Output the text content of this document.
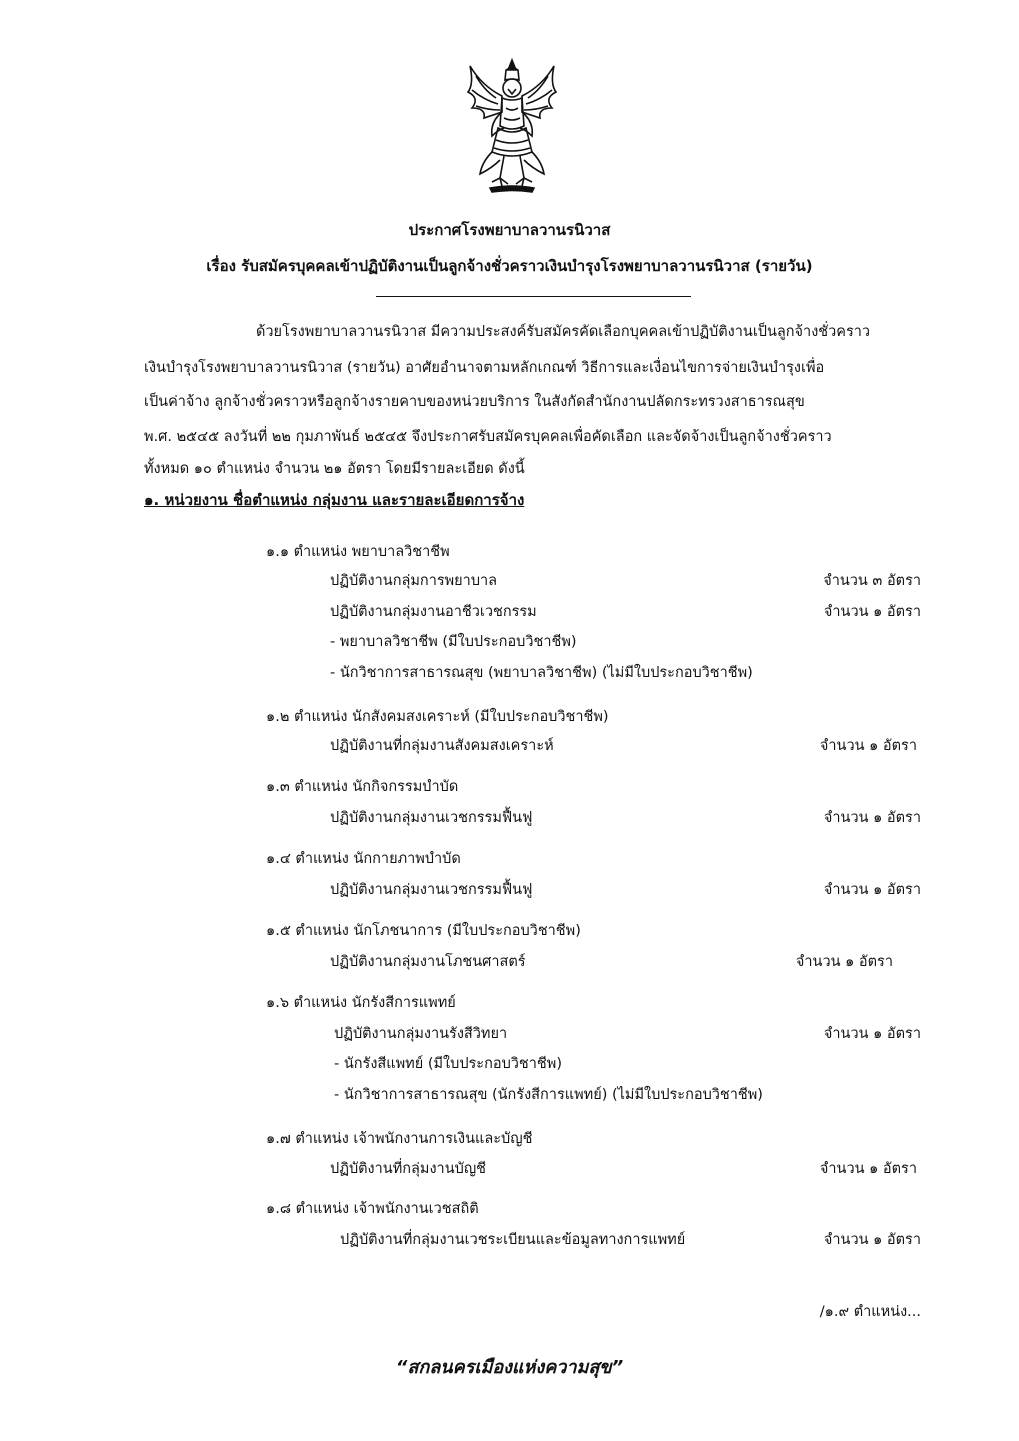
ประกาศโรงพยาบาลวานรนิวาส
เรื่อง รับสมัครบุคคลเข้าปฏิบัติงานเป็นลูกจ้างชั่วคราวเงินบำรุงโรงพยาบาลวานรนิวาส (รายวัน)
ด้วยโรงพยาบาลวานรนิวาส มีความประสงค์รับสมัครคัดเลือกบุคคลเข้าปฏิบัติงานเป็นลูกจ้างชั่วคราว
เงินบำรุงโรงพยาบาลวานรนิวาส (รายวัน) อาศัยอำนาจตามหลักเกณฑ์ วิธีการและเงื่อนไขการจ่ายเงินบำรุงเพื่อ
เป็นค่าจ้าง ลูกจ้างชั่วคราวหรือลูกจ้างรายคาบของหน่วยบริการ ในสังกัดสำนักงานปลัดกระทรวงสาธารณสุข
พ.ศ. ๒๕๔๕ ลงวันที่ ๒๒ กุมภาพันธ์ ๒๕๔๕ จึงประกาศรับสมัครบุคคลเพื่อคัดเลือก และจัดจ้างเป็นลูกจ้างชั่วคราว
ทั้งหมด ๑๐ ตำแหน่ง จำนวน ๒๑ อัตรา โดยมีรายละเอียด ดังนี้
๑. หน่วยงาน ชื่อตำแหน่ง กลุ่มงาน และรายละเอียดการจ้าง
๑.๑ ตำแหน่ง พยาบาลวิชาชีพ
ปฏิบัติงานกลุ่มการพยาบาล	จำนวน ๓ อัตรา
ปฏิบัติงานกลุ่มงานอาชีวเวชกรรม	จำนวน ๑ อัตรา
- พยาบาลวิชาชีพ (มีใบประกอบวิชาชีพ)
- นักวิชาการสาธารณสุข (พยาบาลวิชาชีพ) (ไม่มีใบประกอบวิชาชีพ)
๑.๒ ตำแหน่ง นักสังคมสงเคราะห์ (มีใบประกอบวิชาชีพ)
ปฏิบัติงานที่กลุ่มงานสังคมสงเคราะห์	จำนวน ๑ อัตรา
๑.๓ ตำแหน่ง นักกิจกรรมบำบัด
ปฏิบัติงานกลุ่มงานเวชกรรมฟื้นฟู	จำนวน ๑ อัตรา
๑.๔ ตำแหน่ง นักกายภาพบำบัด
ปฏิบัติงานกลุ่มงานเวชกรรมฟื้นฟู	จำนวน ๑ อัตรา
๑.๕ ตำแหน่ง นักโภชนาการ (มีใบประกอบวิชาชีพ)
ปฏิบัติงานกลุ่มงานโภชนศาสตร์	จำนวน ๑ อัตรา
๑.๖ ตำแหน่ง นักรังสีการแพทย์
ปฏิบัติงานกลุ่มงานรังสีวิทยา	จำนวน ๑ อัตรา
- นักรังสีแพทย์ (มีใบประกอบวิชาชีพ)
- นักวิชาการสาธารณสุข (นักรังสีการแพทย์) (ไม่มีใบประกอบวิชาชีพ)
๑.๗ ตำแหน่ง เจ้าพนักงานการเงินและบัญชี
ปฏิบัติงานที่กลุ่มงานบัญชี	จำนวน ๑ อัตรา
๑.๘ ตำแหน่ง เจ้าพนักงานเวชสถิติ
ปฏิบัติงานที่กลุ่มงานเวชระเบียนและข้อมูลทางการแพทย์	จำนวน ๑ อัตรา
/๑.๙ ตำแหน่ง...
“สกลนครเมืองแห่งความสุข”
